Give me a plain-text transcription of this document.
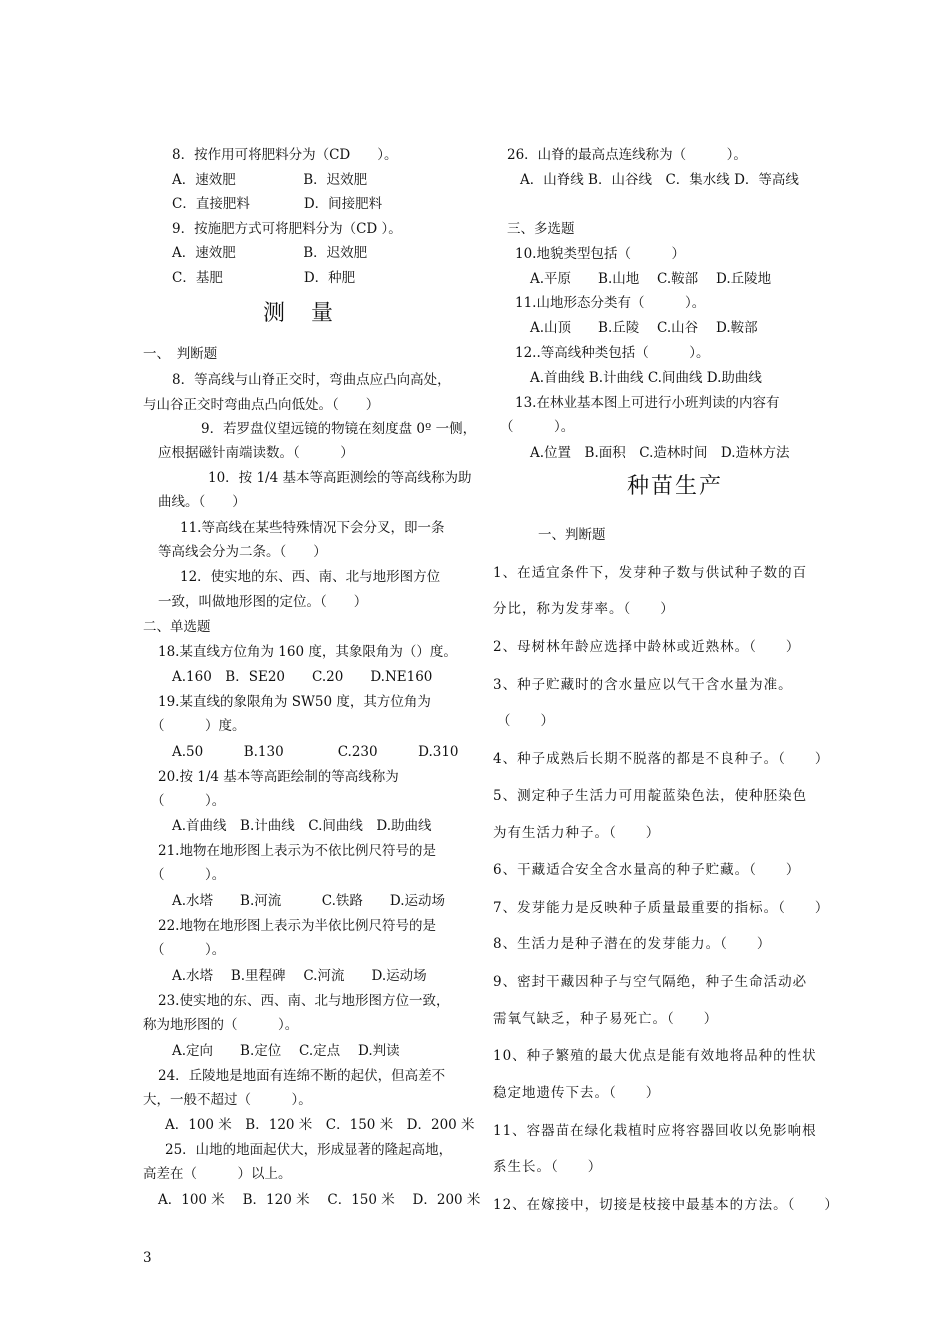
8．按作用可将肥料分为（CD　　）。
A．速效肥　　　　　B．迟效肥
C．直接肥料　　　　D．间接肥料
9．按施肥方式可将肥料分为（CD ）。
A．速效肥　　　　　B．迟效肥
C．基肥　　　　　　D．种肥
测　量
一、　判断题
8．等高线与山脊正交时，弯曲点应凸向高处，
与山谷正交时弯曲点凸向低处。（　　）
9．若罗盘仪望远镜的物镜在刻度盘 0º 一侧，
应根据磁针南端读数。（　　　）
10．按 1/4 基本等高距测绘的等高线称为助
曲线。（　　）
11.等高线在某些特殊情况下会分叉，即一条
等高线会分为二条。（　　）
12．使实地的东、西、南、北与地形图方位
一致，叫做地形图的定位。（　　）
二、单选题
18.某直线方位角为 160 度，其象限角为（）度。
A.160　B．SE20　　C.20　　D.NE160
19.某直线的象限角为 SW50 度，其方位角为
（　　　）度。
A.50　　　B.130　　　　C.230　　　D.310
20.按 1/4 基本等高距绘制的等高线称为
（　　　）。
A.首曲线　B.计曲线　C.间曲线　D.助曲线
21.地物在地形图上表示为不依比例尺符号的是
（　　　）。
A.水塔　　B.河流　　　C.铁路　　D.运动场
22.地物在地形图上表示为半依比例尺符号的是
（　　　）。
A.水塔　 B.里程碑　 C.河流　　D.运动场
23.使实地的东、西、南、北与地形图方位一致，
称为地形图的（　　　）。
A.定向　　B.定位　 C.定点　 D.判读
24．丘陵地是地面有连绵不断的起伏，但高差不
大，一般不超过（　　　）。
A．100 米　B．120 米　C．150 米　D．200 米
25．山地的地面起伏大，形成显著的隆起高地，
高差在（　　　）以上。
A．100 米　 B．120 米　 C．150 米　 D．200 米
26．山脊的最高点连线称为（　　　）。
A．山脊线 B．山谷线　C．集水线 D．等高线
三、多选题
10.地貌类型包括（　　　）
A.平原　　B.山地　 C.鞍部　 D.丘陵地
11.山地形态分类有（　　　）。
A.山顶　　B.丘陵　 C.山谷　 D.鞍部
12..等高线种类包括（　　　）。
A.首曲线 B.计曲线 C.间曲线 D.助曲线
13.在林业基本图上可进行小班判读的内容有
（　　　）。
A.位置　B.面积　C.造林时间　D.造林方法
种苗生产
一、判断题
1、在适宜条件下，发芽种子数与供试种子数的百
分比，称为发芽率。（　　）
2、母树林年龄应选择中龄林或近熟林。（　　）
3、种子贮藏时的含水量应以气干含水量为准。
（　　）
4、种子成熟后长期不脱落的都是不良种子。（　　）
5、测定种子生活力可用靛蓝染色法，使种胚染色
为有生活力种子。（　　）
6、干藏适合安全含水量高的种子贮藏。（　　）
7、发芽能力是反映种子质量最重要的指标。（　　）
8、生活力是种子潜在的发芽能力。（　　）
9、密封干藏因种子与空气隔绝，种子生命活动必
需氧气缺乏，种子易死亡。（　　）
10、种子繁殖的最大优点是能有效地将品种的性状
稳定地遗传下去。（　　）
11、容器苗在绿化栽植时应将容器回收以免影响根
系生长。（　　）
12、在嫁接中，切接是枝接中最基本的方法。（　　）
3
